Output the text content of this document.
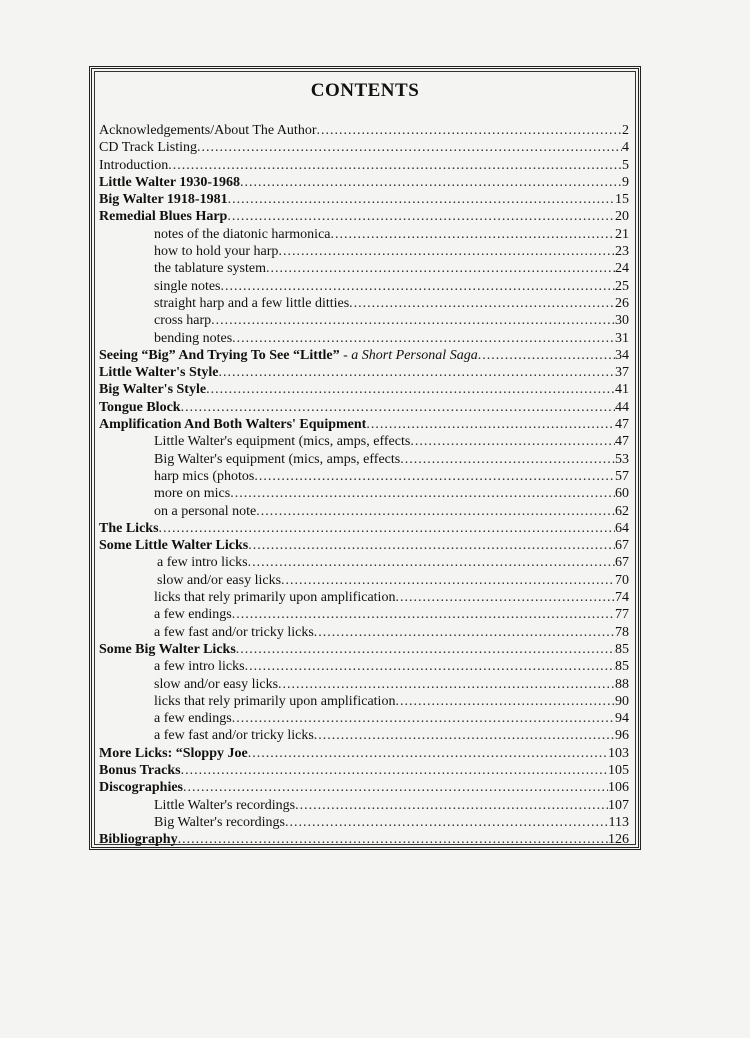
CONTENTS
Acknowledgements/About The Author .....	2
CD Track Listing .....	4
Introduction .....	5
Little Walter 1930-1968 .....	9
Big Walter 1918-1981 .....	15
Remedial Blues Harp .....	20
notes of the diatonic harmonica .....	21
how to hold your harp .....	23
the tablature system .....	24
single notes .....	25
straight harp and a few little ditties .....	26
cross harp .....	30
bending notes .....	31
Seeing “Big” And Trying To See “Little” - a Short Personal Saga .....	34
Little Walter's Style .....	37
Big Walter's Style .....	41
Tongue Block .....	44
Amplification And Both Walters' Equipment .....	47
Little Walter's equipment (mics, amps, effects .....	47
Big Walter's equipment (mics, amps, effects .....	53
harp mics (photos .....	57
more on mics .....	60
on a personal note .....	62
The Licks .....	64
Some Little Walter Licks .....	67
a few intro licks .....	67
slow and/or easy licks .....	70
licks that rely primarily upon amplification .....	74
a few endings .....	77
a few fast and/or tricky licks .....	78
Some Big Walter Licks .....	85
a few intro licks .....	85
slow and/or easy licks .....	88
licks that rely primarily upon amplification .....	90
a few endings .....	94
a few fast and/or tricky licks .....	96
More Licks: “Sloppy Joe .....	103
Bonus Tracks .....	105
Discographies .....	106
Little Walter's recordings .....	107
Big Walter's recordings .....	113
Bibliography .....	126
